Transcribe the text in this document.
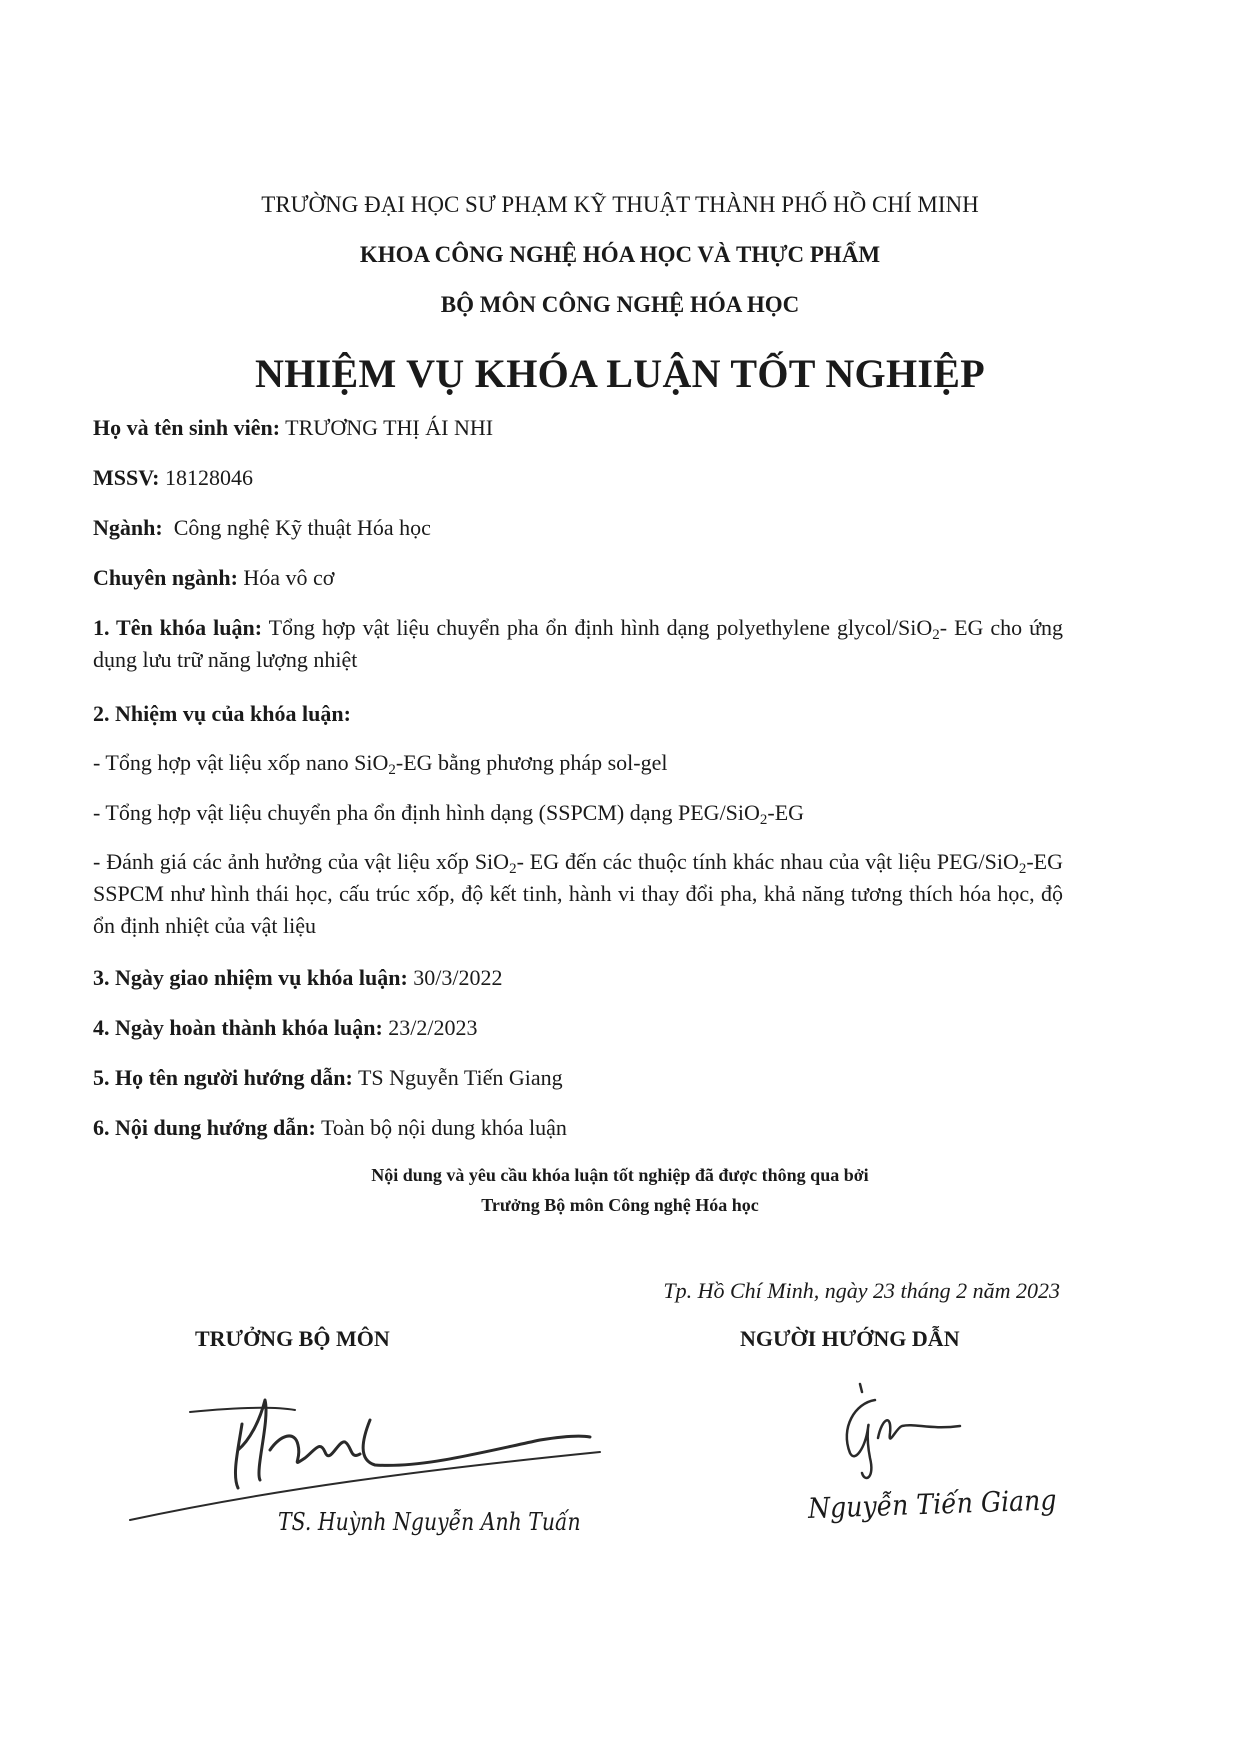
TRƯỜNG ĐẠI HỌC SƯ PHẠM KỸ THUẬT THÀNH PHỐ HỒ CHÍ MINH
KHOA CÔNG NGHỆ HÓA HỌC VÀ THỰC PHẨM
BỘ MÔN CÔNG NGHỆ HÓA HỌC
NHIỆM VỤ KHÓA LUẬN TỐT NGHIỆP
Họ và tên sinh viên: TRƯƠNG THỊ ÁI NHI
MSSV: 18128046
Ngành: Công nghệ Kỹ thuật Hóa học
Chuyên ngành: Hóa vô cơ
1. Tên khóa luận: Tổng hợp vật liệu chuyển pha ổn định hình dạng polyethylene glycol/SiO$_2$- EG cho ứng dụng lưu trữ năng lượng nhiệt
2. Nhiệm vụ của khóa luận:
- Tổng hợp vật liệu xốp nano SiO$_2$-EG bằng phương pháp sol-gel
- Tổng hợp vật liệu chuyển pha ổn định hình dạng (SSPCM) dạng PEG/SiO$_2$-EG
- Đánh giá các ảnh hưởng của vật liệu xốp SiO$_2$- EG đến các thuộc tính khác nhau của vật liệu PEG/SiO$_2$-EG SSPCM như hình thái học, cấu trúc xốp, độ kết tinh, hành vi thay đổi pha, khả năng tương thích hóa học, độ ổn định nhiệt của vật liệu
3. Ngày giao nhiệm vụ khóa luận: 30/3/2022
4. Ngày hoàn thành khóa luận: 23/2/2023
5. Họ tên người hướng dẫn: TS Nguyễn Tiến Giang
6. Nội dung hướng dẫn: Toàn bộ nội dung khóa luận
Nội dung và yêu cầu khóa luận tốt nghiệp đã được thông qua bởi
Trưởng Bộ môn Công nghệ Hóa học
Tp. Hồ Chí Minh, ngày 23 tháng 2 năm 2023
TRƯỞNG BỘ MÔN	NGƯỜI HƯỚNG DẪN
TS. Huỳnh Nguyễn Anh Tuấn	Nguyễn Tiến Giang
